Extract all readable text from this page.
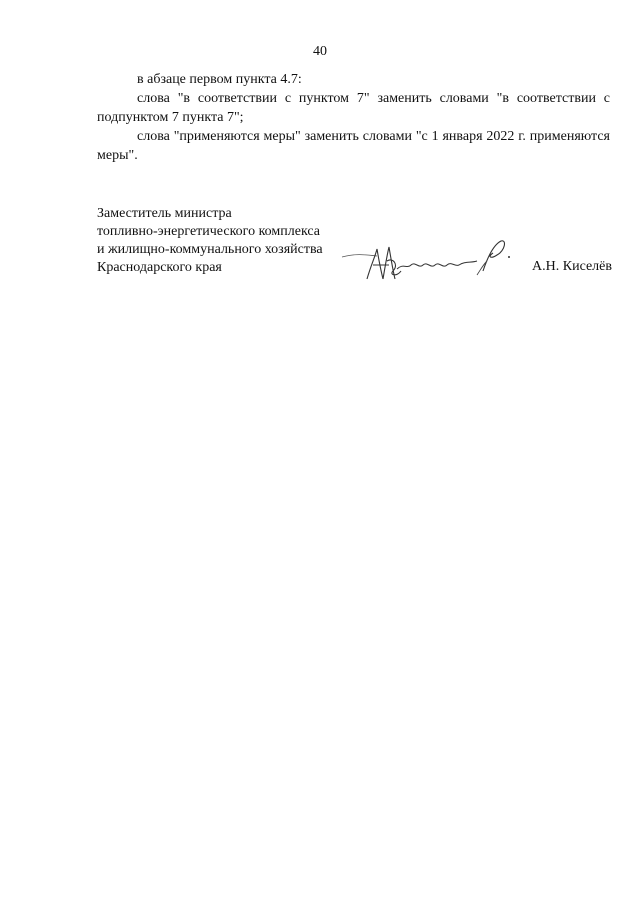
40

в абзаце первом пункта 4.7:

слова "в соответствии с пунктом 7" заменить словами "в соответствии с подпунктом 7 пункта 7";

слова "применяются меры" заменить словами "с 1 января 2022 г. применяются меры".

Заместитель министра
топливно-энергетического комплекса
и жилищно-коммунального хозяйства
Краснодарского края	А.Н. Киселёв
